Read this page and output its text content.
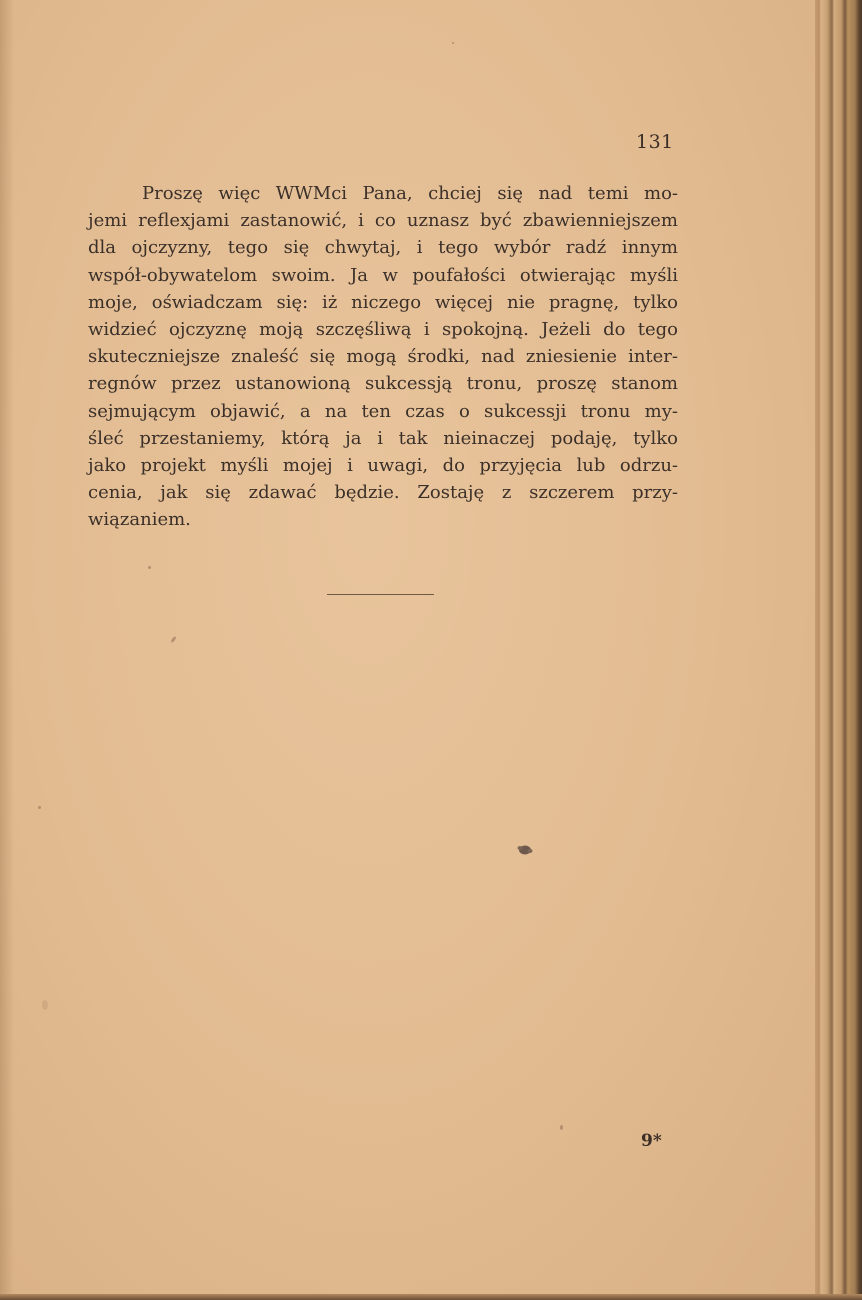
131

Proszę więc WWMci Pana, chciej się nad temi mo-
jemi reflexjami zastanowić, i co uznasz być zbawienniejszem
dla ojczyzny, tego się chwytaj, i tego wybór radź innym
współ-obywatelom swoim. Ja w poufałości otwierając myśli
moje, oświadczam się: iż niczego więcej nie pragnę, tylko
widzieć ojczyznę moją szczęśliwą i spokojną. Jeżeli do tego
skuteczniejsze znaleść się mogą środki, nad zniesienie inter-
regnów przez ustanowioną sukcessją tronu, proszę stanom
sejmującym objawić, a na ten czas o sukcessji tronu my-
śleć przestaniemy, którą ja i tak nieinaczej podaję, tylko
jako projekt myśli mojej i uwagi, do przyjęcia lub odrzu-
cenia, jak się zdawać będzie. Zostaję z szczerem przy-
wiązaniem.

9*
